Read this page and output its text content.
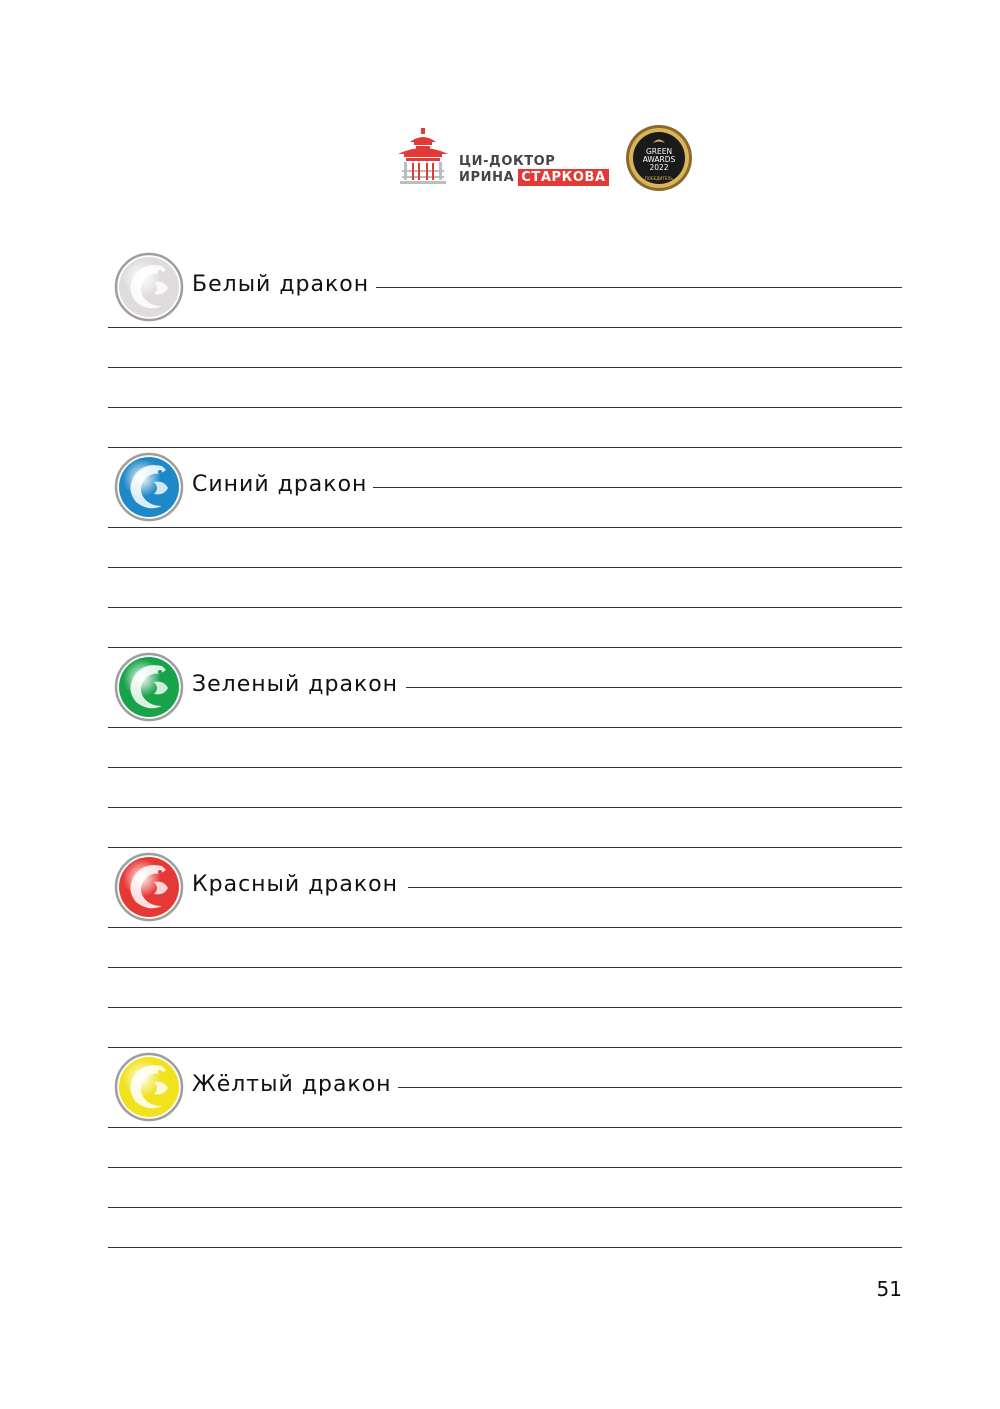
ЦИ-ДОКТОР
ИРИНА СТАРКОВА
GREEN
AWARDS
2022
ПОБЕДИТЕЛЬ
Белый дракон
Синий дракон
Зеленый дракон
Красный дракон
Жёлтый дракон
51
